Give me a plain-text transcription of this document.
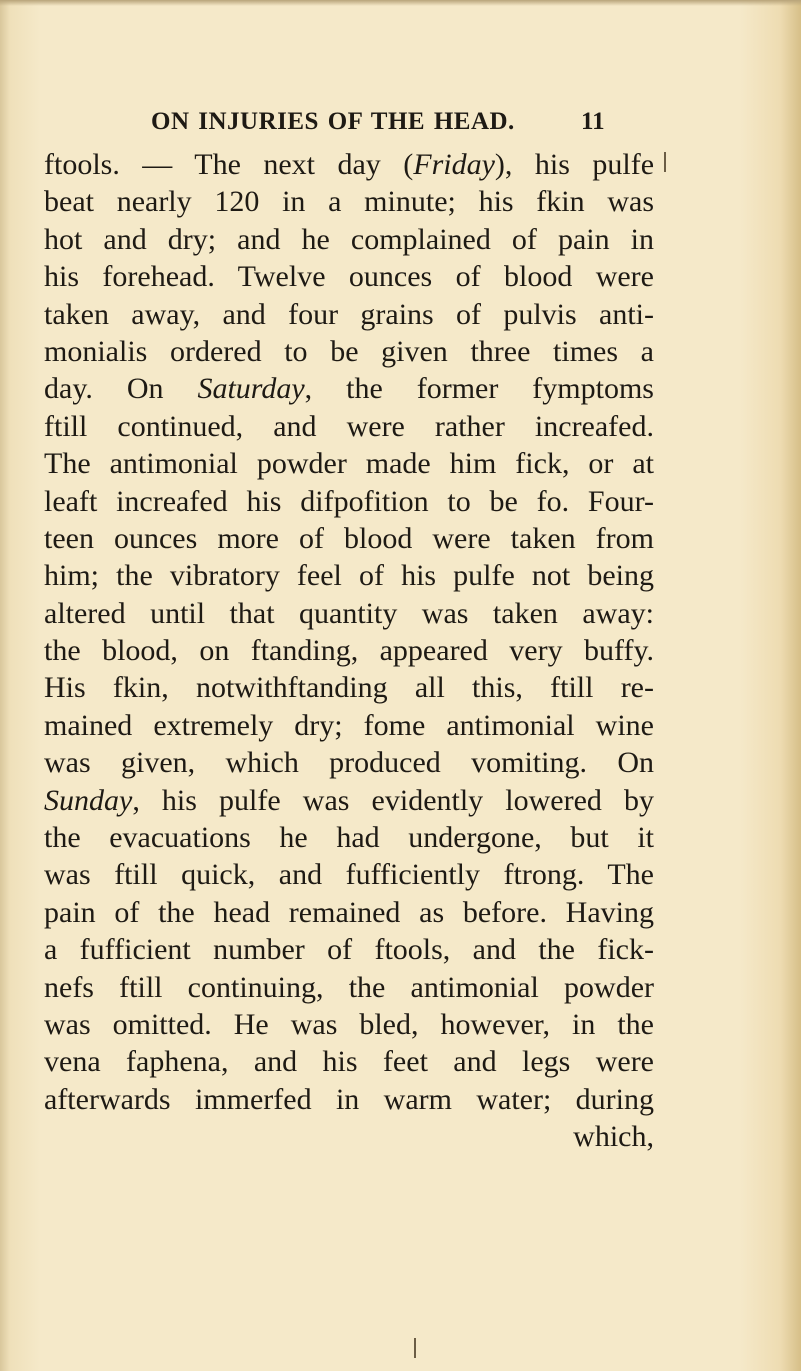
ON INJURIES OF THE HEAD.	11
ftools. — The next day (Friday), his pulfe
beat nearly 120 in a minute; his fkin was
hot and dry; and he complained of pain in
his forehead. Twelve ounces of blood were
taken away, and four grains of pulvis anti-
monialis ordered to be given three times a
day. On Saturday, the former fymptoms
ftill continued, and were rather increafed.
The antimonial powder made him fick, or at
leaft increafed his difpofition to be fo. Four-
teen ounces more of blood were taken from
him; the vibratory feel of his pulfe not being
altered until that quantity was taken away:
the blood, on ftanding, appeared very buffy.
His fkin, notwithftanding all this, ftill re-
mained extremely dry; fome antimonial wine
was given, which produced vomiting. On
Sunday, his pulfe was evidently lowered by
the evacuations he had undergone, but it
was ftill quick, and fufficiently ftrong. The
pain of the head remained as before. Having
a fufficient number of ftools, and the fick-
nefs ftill continuing, the antimonial powder
was omitted. He was bled, however, in the
vena faphena, and his feet and legs were
afterwards immerfed in warm water; during
which,
